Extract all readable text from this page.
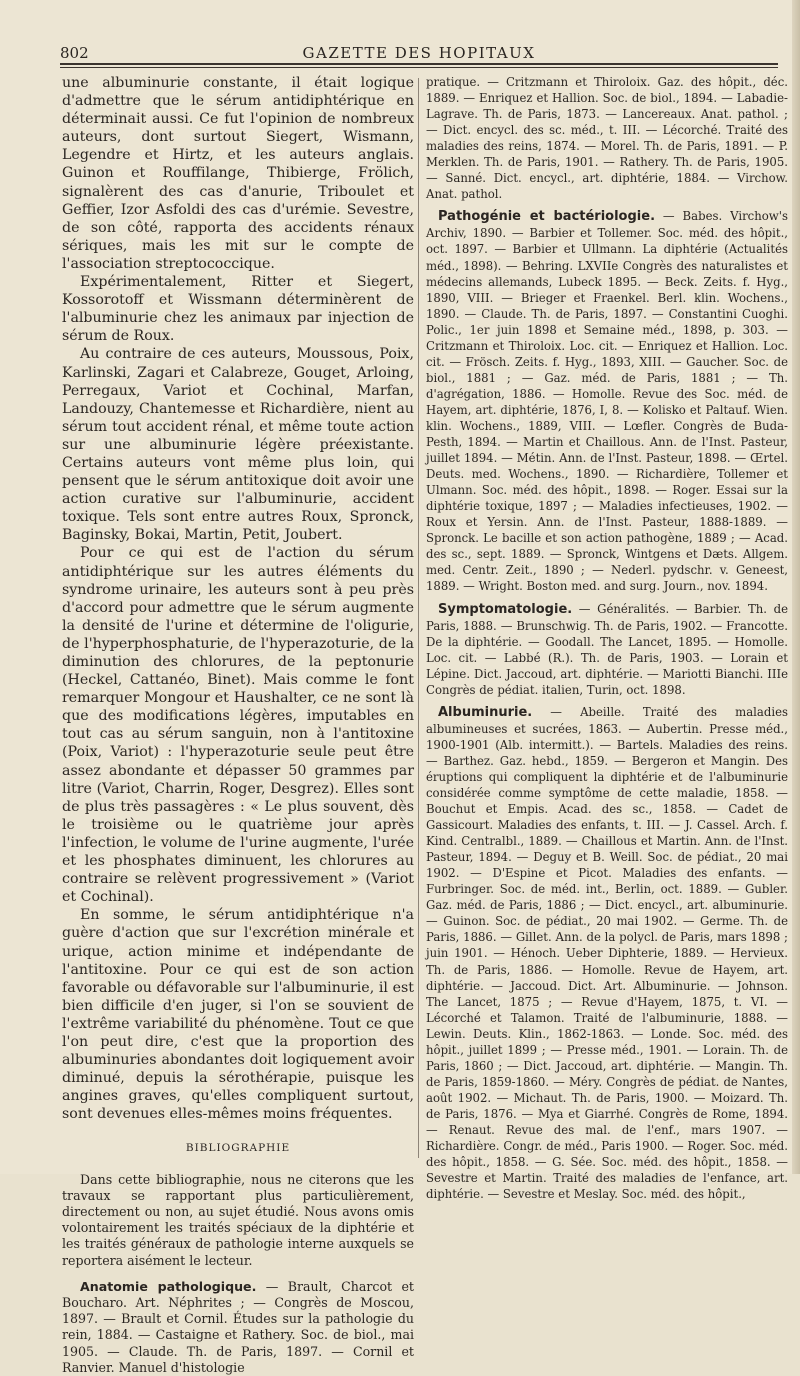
802	GAZETTE DES HOPITAUX

une albuminurie constante, il était logique d'admettre que le sérum antidiphtérique en déterminait aussi. Ce fut l'opinion de nombreux auteurs, dont surtout Siegert, Wismann, Legendre et Hirtz, et les auteurs anglais. Guinon et Rouffilange, Thibierge, Frölich, signalèrent des cas d'anurie, Triboulet et Geffier, Izor Asfoldi des cas d'urémie. Sevestre, de son côté, rapporta des accidents rénaux sériques, mais les mit sur le compte de l'association streptococcique.

Expérimentalement, Ritter et Siegert, Kossorotoff et Wissmann déterminèrent de l'albuminurie chez les animaux par injection de sérum de Roux.

Au contraire de ces auteurs, Moussous, Poix, Karlinski, Zagari et Calabreze, Gouget, Arloing, Perregaux, Variot et Cochinal, Marfan, Landouzy, Chantemesse et Richardière, nient au sérum tout accident rénal, et même toute action sur une albuminurie légère préexistante. Certains auteurs vont même plus loin, qui pensent que le sérum antitoxique doit avoir une action curative sur l'albuminurie, accident toxique. Tels sont entre autres Roux, Spronck, Baginsky, Bokai, Martin, Petit, Joubert.

Pour ce qui est de l'action du sérum antidiphtérique sur les autres éléments du syndrome urinaire, les auteurs sont à peu près d'accord pour admettre que le sérum augmente la densité de l'urine et détermine de l'oligurie, de l'hyperphosphaturie, de l'hyperazoturie, de la diminution des chlorures, de la peptonurie (Heckel, Cattanéo, Binet). Mais comme le font remarquer Mongour et Haushalter, ce ne sont là que des modifications légères, imputables en tout cas au sérum sanguin, non à l'antitoxine (Poix, Variot) : l'hyperazoturie seule peut être assez abondante et dépasser 50 grammes par litre (Variot, Charrin, Roger, Desgrez). Elles sont de plus très passagères : « Le plus souvent, dès le troisième ou le quatrième jour après l'infection, le volume de l'urine augmente, l'urée et les phosphates diminuent, les chlorures au contraire se relèvent progressivement » (Variot et Cochinal).

En somme, le sérum antidiphtérique n'a guère d'action que sur l'excrétion minérale et urique, action minime et indépendante de l'antitoxine. Pour ce qui est de son action favorable ou défavorable sur l'albuminurie, il est bien difficile d'en juger, si l'on se souvient de l'extrême variabilité du phénomène. Tout ce que l'on peut dire, c'est que la proportion des albuminuries abondantes doit logiquement avoir diminué, depuis la sérothérapie, puisque les angines graves, qu'elles compliquent surtout, sont devenues elles-mêmes moins fréquentes.

BIBLIOGRAPHIE

Dans cette bibliographie, nous ne citerons que les travaux se rapportant plus particulièrement, directement ou non, au sujet étudié. Nous avons omis volontairement les traités spéciaux de la diphtérie et les traités généraux de pathologie interne auxquels se reportera aisément le lecteur.

Anatomie pathologique. — Brault, Charcot et Boucharo. Art. Néphrites ; — Congrès de Moscou, 1897. — Brault et Cornil. Études sur la pathologie du rein, 1884. — Castaigne et Rathery. Soc. de biol., mai 1905. — Claude. Th. de Paris, 1897. — Cornil et Ranvier. Manuel d'histologie

pratique. — Critzmann et Thiroloix. Gaz. des hôpit., déc. 1889. — Enriquez et Hallion. Soc. de biol., 1894. — Labadie-Lagrave. Th. de Paris, 1873. — Lancereaux. Anat. pathol. ; — Dict. encycl. des sc. méd., t. III. — Lécorché. Traité des maladies des reins, 1874. — Morel. Th. de Paris, 1891. — P. Merklen. Th. de Paris, 1901. — Rathery. Th. de Paris, 1905. — Sanné. Dict. encycl., art. diphtérie, 1884. — Virchow. Anat. pathol.

Pathogénie et bactériologie. — Babes. Virchow's Archiv, 1890. — Barbier et Tollemer. Soc. méd. des hôpit., oct. 1897. — Barbier et Ullmann. La diphtérie (Actualités méd., 1898). — Behring. LXVIIe Congrès des naturalistes et médecins allemands, Lubeck 1895. — Beck. Zeits. f. Hyg., 1890, VIII. — Brieger et Fraenkel. Berl. klin. Wochens., 1890. — Claude. Th. de Paris, 1897. — Constantini Cuoghi. Polic., 1er juin 1898 et Semaine méd., 1898, p. 303. — Critzmann et Thiroloix. Loc. cit. — Enriquez et Hallion. Loc. cit. — Frösch. Zeits. f. Hyg., 1893, XIII. — Gaucher. Soc. de biol., 1881 ; — Gaz. méd. de Paris, 1881 ; — Th. d'agrégation, 1886. — Homolle. Revue des Soc. méd. de Hayem, art. diphtérie, 1876, I, 8. — Kolisko et Paltauf. Wien. klin. Wochens., 1889, VIII. — Lœfler. Congrès de Buda-Pesth, 1894. — Martin et Chaillous. Ann. de l'Inst. Pasteur, juillet 1894. — Métin. Ann. de l'Inst. Pasteur, 1898. — Œrtel. Deuts. med. Wochens., 1890. — Richardière, Tollemer et Ulmann. Soc. méd. des hôpit., 1898. — Roger. Essai sur la diphtérie toxique, 1897 ; — Maladies infectieuses, 1902. — Roux et Yersin. Ann. de l'Inst. Pasteur, 1888-1889. — Spronck. Le bacille et son action pathogène, 1889 ; — Acad. des sc., sept. 1889. — Spronck, Wintgens et Dæts. Allgem. med. Centr. Zeit., 1890 ; — Nederl. pydschr. v. Geneest, 1889. — Wright. Boston med. and surg. Journ., nov. 1894.

Symptomatologie. — Généralités. — Barbier. Th. de Paris, 1888. — Brunschwig. Th. de Paris, 1902. — Francotte. De la diphtérie. — Goodall. The Lancet, 1895. — Homolle. Loc. cit. — Labbé (R.). Th. de Paris, 1903. — Lorain et Lépine. Dict. Jaccoud, art. diphtérie. — Mariotti Bianchi. IIIe Congrès de pédiat. italien, Turin, oct. 1898.

Albuminurie. — Abeille. Traité des maladies albumineuses et sucrées, 1863. — Aubertin. Presse méd., 1900-1901 (Alb. intermitt.). — Bartels. Maladies des reins. — Barthez. Gaz. hebd., 1859. — Bergeron et Mangin. Des éruptions qui compliquent la diphtérie et de l'albuminurie considérée comme symptôme de cette maladie, 1858. — Bouchut et Empis. Acad. des sc., 1858. — Cadet de Gassicourt. Maladies des enfants, t. III. — J. Cassel. Arch. f. Kind. Centralbl., 1889. — Chaillous et Martin. Ann. de l'Inst. Pasteur, 1894. — Deguy et B. Weill. Soc. de pédiat., 20 mai 1902. — D'Espine et Picot. Maladies des enfants. — Furbringer. Soc. de méd. int., Berlin, oct. 1889. — Gubler. Gaz. méd. de Paris, 1886 ; — Dict. encycl., art. albuminurie. — Guinon. Soc. de pédiat., 20 mai 1902. — Germe. Th. de Paris, 1886. — Gillet. Ann. de la polycl. de Paris, mars 1898 ; juin 1901. — Hénoch. Ueber Diphterie, 1889. — Hervieux. Th. de Paris, 1886. — Homolle. Revue de Hayem, art. diphtérie. — Jaccoud. Dict. Art. Albuminurie. — Johnson. The Lancet, 1875 ; — Revue d'Hayem, 1875, t. VI. — Lécorché et Talamon. Traité de l'albuminurie, 1888. — Lewin. Deuts. Klin., 1862-1863. — Londe. Soc. méd. des hôpit., juillet 1899 ; — Presse méd., 1901. — Lorain. Th. de Paris, 1860 ; — Dict. Jaccoud, art. diphtérie. — Mangin. Th. de Paris, 1859-1860. — Méry. Congrès de pédiat. de Nantes, août 1902. — Michaut. Th. de Paris, 1900. — Moizard. Th. de Paris, 1876. — Mya et Giarrhé. Congrès de Rome, 1894. — Renaut. Revue des mal. de l'enf., mars 1907. — Richardière. Congr. de méd., Paris 1900. — Roger. Soc. méd. des hôpit., 1858. — G. Sée. Soc. méd. des hôpit., 1858. — Sevestre et Martin. Traité des maladies de l'enfance, art. diphtérie. — Sevestre et Meslay. Soc. méd. des hôpit.,
